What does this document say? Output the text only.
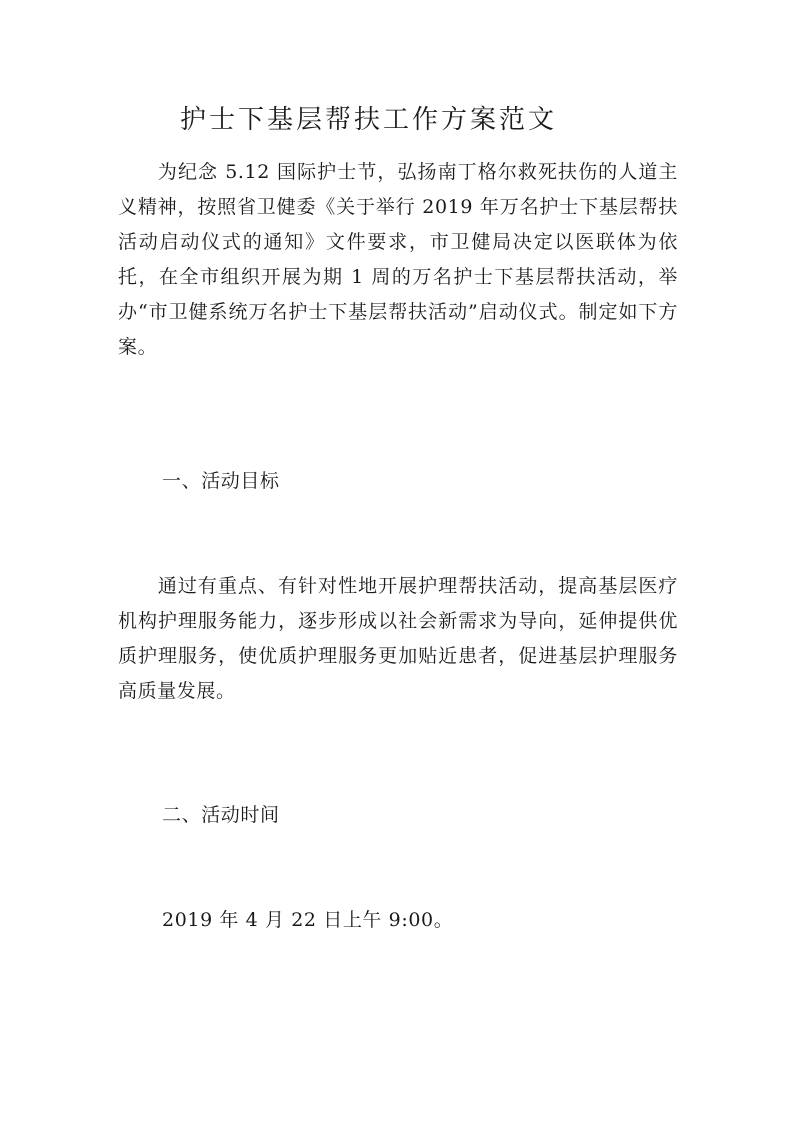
护士下基层帮扶工作方案范文

为纪念 5.12 国际护士节，弘扬南丁格尔救死扶伤的人道主义精神，按照省卫健委《关于举行 2019 年万名护士下基层帮扶活动启动仪式的通知》文件要求，市卫健局决定以医联体为依托，在全市组织开展为期 1 周的万名护士下基层帮扶活动，举办“市卫健系统万名护士下基层帮扶活动”启动仪式。制定如下方案。

一、活动目标

通过有重点、有针对性地开展护理帮扶活动，提高基层医疗机构护理服务能力，逐步形成以社会新需求为导向，延伸提供优质护理服务，使优质护理服务更加贴近患者，促进基层护理服务高质量发展。

二、活动时间

2019 年 4 月 22 日上午 9:00。
